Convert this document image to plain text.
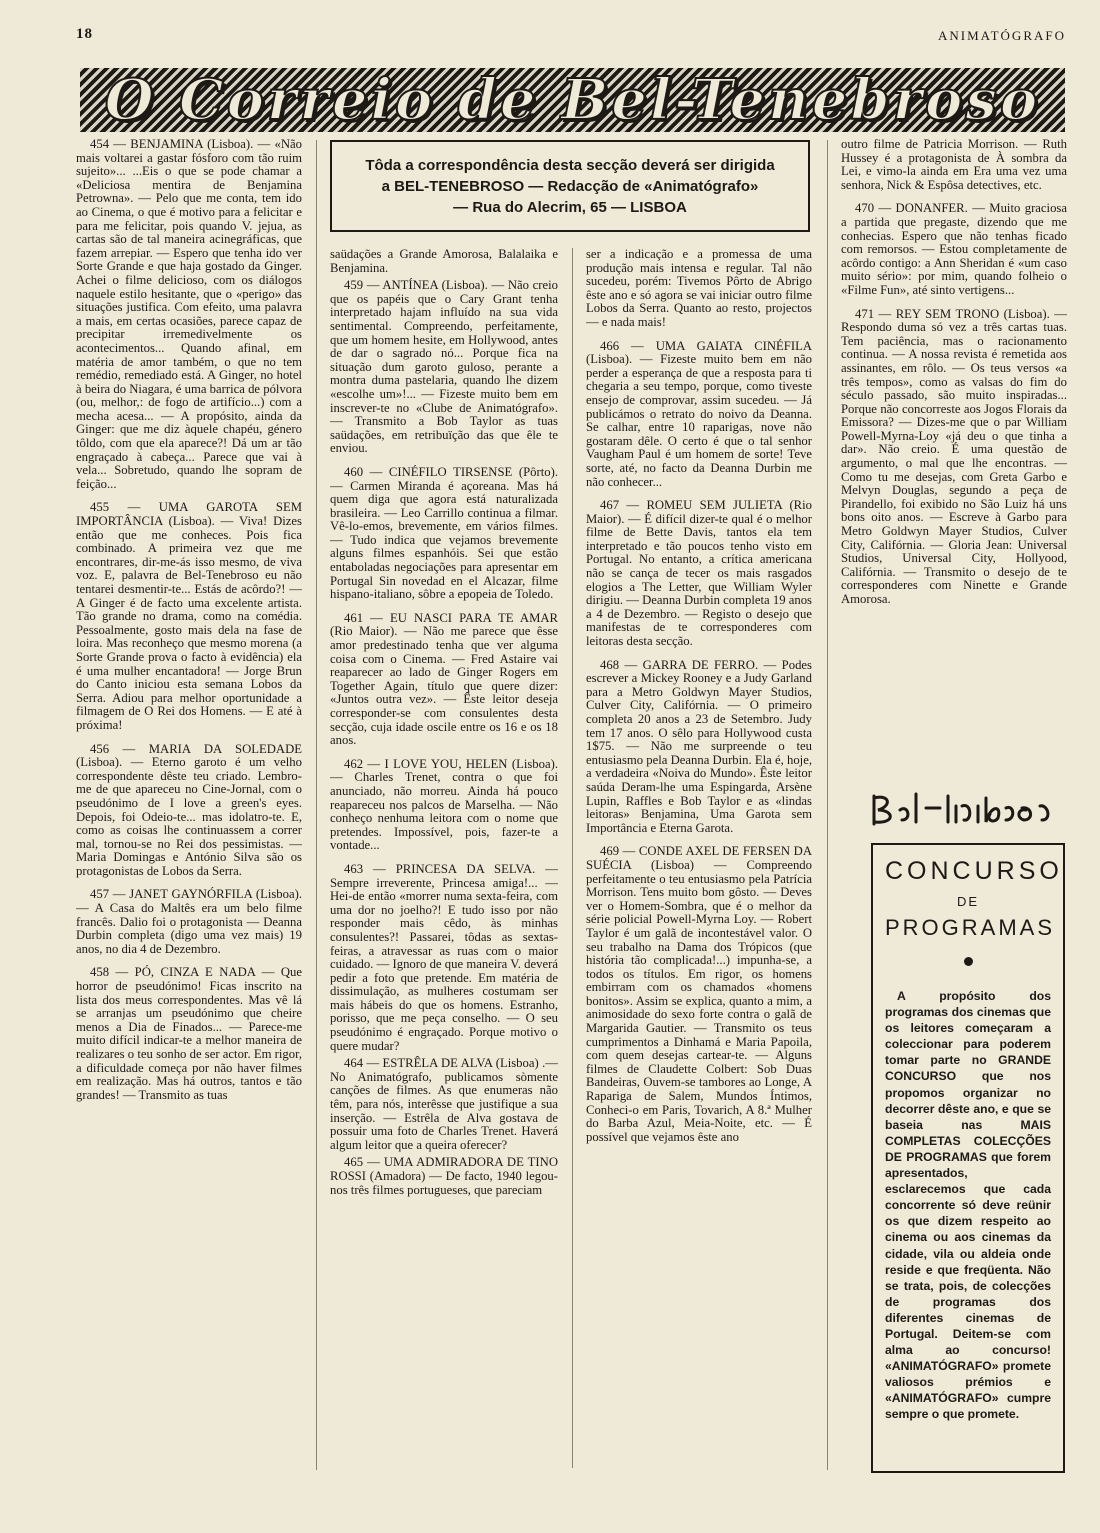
18	ANIMATÓGRAFO
O Correio de Bel-Tenebroso
Tôda a correspondência desta secção deverá ser dirigida
a BEL-TENEBROSO — Redacção de «Animatógrafo»
— Rua do Alecrim, 65 — LISBOA

454 — BENJAMINA (Lisboa). — «Não mais voltarei a gastar fósforo com tão ruim sujeito»... ...Eis o que se pode chamar a «Deliciosa mentira de Benjamina Petrowna». — Pelo que me conta, tem ido ao Cinema, o que é motivo para a felicitar e para me felicitar, pois quando V. jejua, as cartas são de tal maneira acinegráficas, que fazem arrepiar. — Espero que tenha ido ver Sorte Grande e que haja gostado da Ginger. Achei o filme delicioso, com os diálogos naquele estilo hesitante, que o «perigo» das situações justifica. Com efeito, uma palavra a mais, em certas ocasiões, parece capaz de precipitar irremedivelmente os acontecimentos... Quando afinal, em matéria de amor também, o que no tem remédio, remediado está. A Ginger, no hotel à beira do Niagara, é uma barrica de pólvora (ou, melhor,: de fogo de artifício...) com a mecha acesa... — A propósito, ainda da Ginger: que me diz àquele chapéu, género tôldo, com que ela aparece?! Dá um ar tão engraçado à cabeça... Parece que vai à vela... Sobretudo, quando lhe sopram de feição...

455 — UMA GAROTA SEM IMPORTÂNCIA (Lisboa). — Viva! Dizes então que me conheces. Pois fica combinado. A primeira vez que me encontrares, dir-me-ás isso mesmo, de viva voz. E, palavra de Bel-Tenebroso eu não tentarei desmentir-te... Estás de acôrdo?! — A Ginger é de facto uma excelente artista. Tão grande no drama, como na comédia. Pessoalmente, gosto mais dela na fase de loira. Mas reconheço que mesmo morena (a Sorte Grande prova o facto à evidência) ela é uma mulher encantadora! — Jorge Brun do Canto iniciou esta semana Lobos da Serra. Adiou para melhor oportunidade a filmagem de O Rei dos Homens. — E até à próxima!

456 — MARIA DA SOLEDADE (Lisboa). — Eterno garoto é um velho correspondente dêste teu criado. Lembro-me de que apareceu no Cine-Jornal, com o pseudónimo de I love a green's eyes. Depois, foi Odeio-te... mas idolatro-te. E, como as coisas lhe continuassem a correr mal, tornou-se no Rei dos pessimistas. — Maria Domingas e António Silva são os protagonistas de Lobos da Serra.

457 — JANET GAYNÓRFILA (Lisboa). — A Casa do Maltês era um belo filme francês. Dalio foi o protagonista — Deanna Durbin completa (digo uma vez mais) 19 anos, no dia 4 de Dezembro.

458 — PÓ, CINZA E NADA — Que horror de pseudónimo! Ficas inscrito na lista dos meus correspondentes. Mas vê lá se arranjas um pseudónimo que cheire menos a Dia de Finados... — Parece-me muito difícil indicar-te a melhor maneira de realizares o teu sonho de ser actor. Em rigor, a dificuldade começa por não haver filmes em realização. Mas há outros, tantos e tão grandes! — Transmito as tuas

saüdações a Grande Amorosa, Balalaika e Benjamina.

459 — ANTÍNEA (Lisboa). — Não creio que os papéis que o Cary Grant tenha interpretado hajam influído na sua vida sentimental. Compreendo, perfeitamente, que um homem hesite, em Hollywood, antes de dar o sagrado nó... Porque fica na situação dum garoto guloso, perante a montra duma pastelaria, quando lhe dizem «escolhe um»!... — Fizeste muito bem em inscrever-te no «Clube de Animatógrafo». — Transmito a Bob Taylor as tuas saüdações, em retribuïção das que êle te enviou.

460 — CINÉFILO TIRSENSE (Pôrto). — Carmen Miranda é açoreana. Mas há quem diga que agora está naturalizada brasileira. — Leo Carrillo continua a filmar. Vê-lo-emos, brevemente, em vários filmes. — Tudo indica que vejamos brevemente alguns filmes espanhóis. Sei que estão entaboladas negociações para apresentar em Portugal Sin novedad en el Alcazar, filme hispano-italiano, sôbre a epopeia de Toledo.

461 — EU NASCI PARA TE AMAR (Rio Maior). — Não me parece que êsse amor predestinado tenha que ver alguma coisa com o Cinema. — Fred Astaire vai reaparecer ao lado de Ginger Rogers em Together Again, título que quere dizer: «Juntos outra vez». — Êste leitor deseja corresponder-se com consulentes desta secção, cuja idade oscile entre os 16 e os 18 anos.

462 — I LOVE YOU, HELEN (Lisboa). — Charles Trenet, contra o que foi anunciado, não morreu. Ainda há pouco reapareceu nos palcos de Marselha. — Não conheço nenhuma leitora com o nome que pretendes. Impossível, pois, fazer-te a vontade...

463 — PRINCESA DA SELVA. — Sempre irreverente, Princesa amiga!... — Hei-de então «morrer numa sexta-feira, com uma dor no joelho?! E tudo isso por não responder mais cêdo, às minhas consulentes?! Passarei, tôdas as sextas-feiras, a atravessar as ruas com o maior cuidado. — Ignoro de que maneira V. deverá pedir a foto que pretende. Em matéria de dissimulação, as mulheres costumam ser mais hábeis do que os homens. Estranho, porisso, que me peça conselho. — O seu pseudónimo é engraçado. Porque motivo o quere mudar?

464 — ESTRÊLA DE ALVA (Lisboa) .— No Animatógrafo, publicamos sòmente canções de filmes. As que enumeras não têm, para nós, interêsse que justifique a sua inserção. — Estrêla de Alva gostava de possuir uma foto de Charles Trenet. Haverá algum leitor que a queira oferecer?

465 — UMA ADMIRADORA DE TINO ROSSI (Amadora) — De facto, 1940 legou-nos três filmes portugueses, que pareciam

ser a indicação e a promessa de uma produção mais intensa e regular. Tal não sucedeu, porém: Tivemos Pôrto de Abrigo êste ano e só agora se vai iniciar outro filme Lobos da Serra. Quanto ao resto, projectos — e nada mais!

466 — UMA GAIATA CINÉFILA (Lisboa). — Fizeste muito bem em não perder a esperança de que a resposta para ti chegaria a seu tempo, porque, como tiveste ensejo de comprovar, assim sucedeu. — Já publicámos o retrato do noivo da Deanna. Se calhar, entre 10 raparigas, nove não gostaram dêle. O certo é que o tal senhor Vaugham Paul é um homem de sorte! Teve sorte, até, no facto da Deanna Durbin me não conhecer...

467 — ROMEU SEM JULIETA (Rio Maior). — É difícil dizer-te qual é o melhor filme de Bette Davis, tantos ela tem interpretado e tão poucos tenho visto em Portugal. No entanto, a crítica americana não se cança de tecer os mais rasgados elogios a The Letter, que William Wyler dirigiu. — Deanna Durbin completa 19 anos a 4 de Dezembro. — Registo o desejo que manifestas de te corresponderes com leitoras desta secção.

468 — GARRA DE FERRO. — Podes escrever a Mickey Rooney e a Judy Garland para a Metro Goldwyn Mayer Studios, Culver City, Califórnia. — O primeiro completa 20 anos a 23 de Setembro. Judy tem 17 anos. O sêlo para Hollywood custa 1$75. — Não me surpreende o teu entusiasmo pela Deanna Durbin. Ela é, hoje, a verdadeira «Noiva do Mundo». Êste leitor saúda Deram-lhe uma Espingarda, Arsène Lupin, Raffles e Bob Taylor e as «lindas leitoras» Benjamina, Uma Garota sem Importância e Eterna Garota.

469 — CONDE AXEL DE FERSEN DA SUÉCIA (Lisboa) — Compreendo perfeitamente o teu entusiasmo pela Patrícia Morrison. Tens muito bom gôsto. — Deves ver o Homem-Sombra, que é o melhor da série policial Powell-Myrna Loy. — Robert Taylor é um galã de incontestável valor. O seu trabalho na Dama dos Trópicos (que história tão complicada!...) impunha-se, a todos os títulos. Em rigor, os homens embirram com os chamados «homens bonitos». Assim se explica, quanto a mim, a animosidade do sexo forte contra o galã de Margarida Gautier. — Transmito os teus cumprimentos a Dinhamá e Maria Papoila, com quem desejas cartear-te. — Alguns filmes de Claudette Colbert: Sob Duas Bandeiras, Ouvem-se tambores ao Longe, A Rapariga de Salem, Mundos Íntimos, Conheci-o em Paris, Tovarich, A 8.ª Mulher do Barba Azul, Meia-Noite, etc. — É possível que vejamos êste ano

outro filme de Patricia Morrison. — Ruth Hussey é a protagonista de À sombra da Lei, e vimo-la ainda em Era uma vez uma senhora, Nick & Espôsa detectives, etc.

470 — DONANFER. — Muito graciosa a partida que pregaste, dizendo que me conhecias. Espero que não tenhas ficado com remorsos. — Estou completamente de acôrdo contigo: a Ann Sheridan é «um caso muito sério»: por mim, quando folheio o «Filme Fun», até sinto vertigens...

471 — REY SEM TRONO (Lisboa). — Respondo duma só vez a três cartas tuas. Tem paciência, mas o racionamento continua. — A nossa revista é remetida aos assinantes, em rôlo. — Os teus versos «a três tempos», como as valsas do fim do século passado, são muito inspiradas... Porque não concorreste aos Jogos Florais da Emissora? — Dizes-me que o par William Powell-Myrna-Loy «já deu o que tinha a dar». Não creio. É uma questão de argumento, o mal que lhe encontras. — Como tu me desejas, com Greta Garbo e Melvyn Douglas, segundo a peça de Pirandello, foi exibido no São Luiz há uns bons oito anos. — Escreve à Garbo para Metro Goldwyn Mayer Studios, Culver City, Califórnia. — Gloria Jean: Universal Studios, Universal City, Hollyood, Califórnia. — Transmito o desejo de te corresponderes com Ninette e Grande Amorosa.

CONCURSO
DE
PROGRAMAS
A propósito dos programas dos cinemas que os leitores começaram a coleccionar para poderem tomar parte no GRANDE CONCURSO que nos propomos organizar no decorrer dêste ano, e que se baseia nas MAIS COMPLETAS COLECÇÕES DE PROGRAMAS que forem apresentados, esclarecemos que cada concorrente só deve reünir os que dizem respeito ao cinema ou aos cinemas da cidade, vila ou aldeia onde reside e que freqüenta. Não se trata, pois, de colecções de programas dos diferentes cinemas de Portugal. Deitem-se com alma ao concurso! «ANIMATÓGRAFO» promete valiosos prémios e «ANIMATÓGRAFO» cumpre sempre o que promete.
